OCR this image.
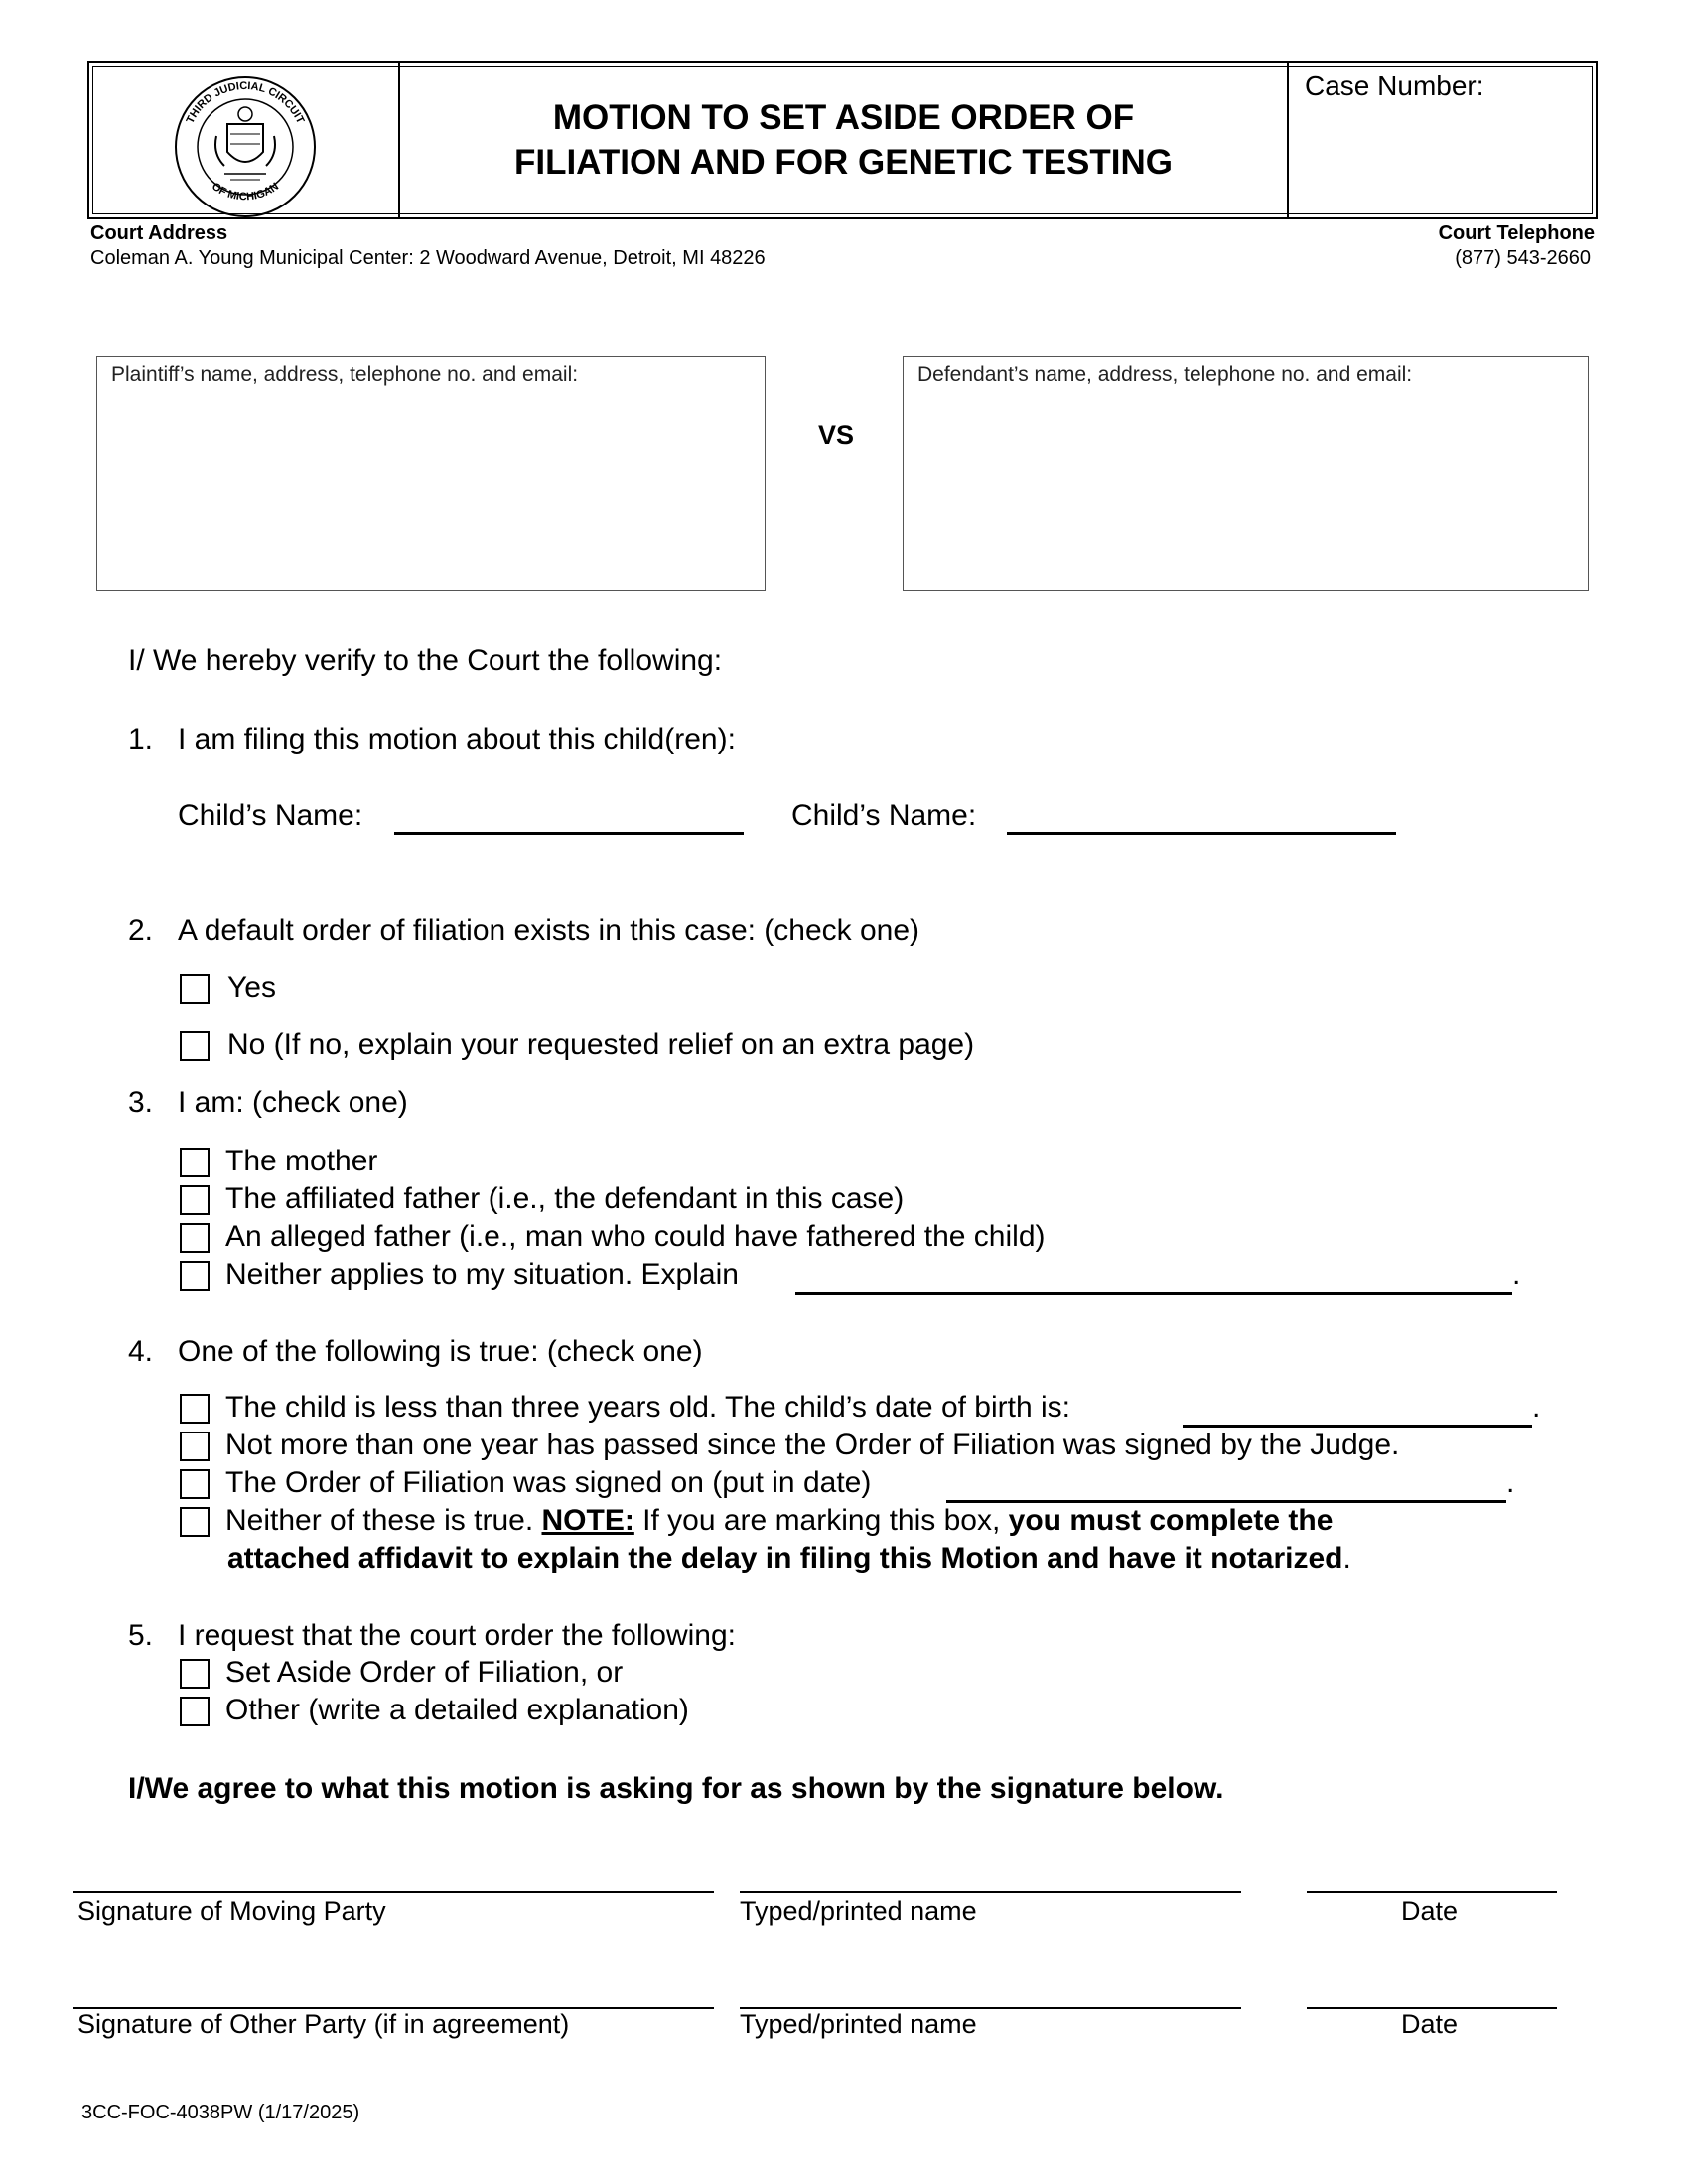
THIRD JUDICIAL CIRCUIT
OF MICHIGAN
MOTION TO SET ASIDE ORDER OF FILIATION AND FOR GENETIC TESTING
Case Number:
Court Address
Coleman A. Young Municipal Center: 2 Woodward Avenue, Detroit, MI 48226
Court Telephone
(877) 543-2660
Plaintiff’s name, address, telephone no. and email:
VS
Defendant’s name, address, telephone no. and email:
I/ We hereby verify to the Court the following:
1. I am filing this motion about this child(ren):
Child’s Name:	Child’s Name:
2. A default order of filiation exists in this case: (check one)
Yes
No (If no, explain your requested relief on an extra page)
3. I am: (check one)
The mother
The affiliated father (i.e., the defendant in this case)
An alleged father (i.e., man who could have fathered the child)
Neither applies to my situation. Explain	.
4. One of the following is true: (check one)
The child is less than three years old. The child’s date of birth is:	.
Not more than one year has passed since the Order of Filiation was signed by the Judge.
The Order of Filiation was signed on (put in date)	.
Neither of these is true. NOTE: If you are marking this box, you must complete the
attached affidavit to explain the delay in filing this Motion and have it notarized.
5. I request that the court order the following:
Set Aside Order of Filiation, or
Other (write a detailed explanation)
I/We agree to what this motion is asking for as shown by the signature below.
Signature of Moving Party	Typed/printed name	Date
Signature of Other Party (if in agreement)	Typed/printed name	Date
3CC-FOC-4038PW (1/17/2025)
